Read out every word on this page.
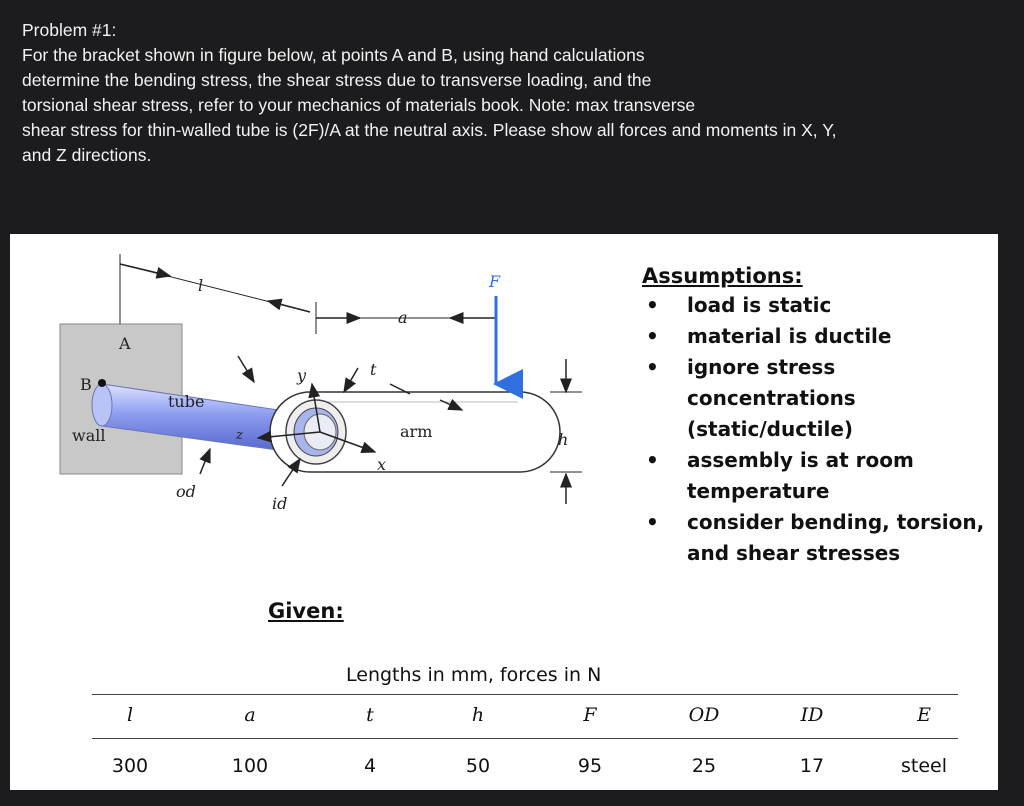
Problem #1:

For the bracket shown in figure below, at points A and B, using hand calculations

determine the bending stress, the shear stress due to transverse loading, and the

torsional shear stress, refer to your mechanics of materials book. Note: max transverse

shear stress for thin-walled tube is (2F)/A at the neutral axis. Please show all forces and moments in X, Y,

and Z directions.

l
a
F
t
y
x
z
A
B
wall
tube
arm	h
od
id
Assumptions:
• load is static
• material is ductile
• ignore stress concentrations (static/ductile)
• assembly is at room temperature
• consider bending, torsion, and shear stresses
Given:
Lengths in mm, forces in N
l	a	t	h	F	OD	ID	E
300	100	4	50	95	25	17	steel
